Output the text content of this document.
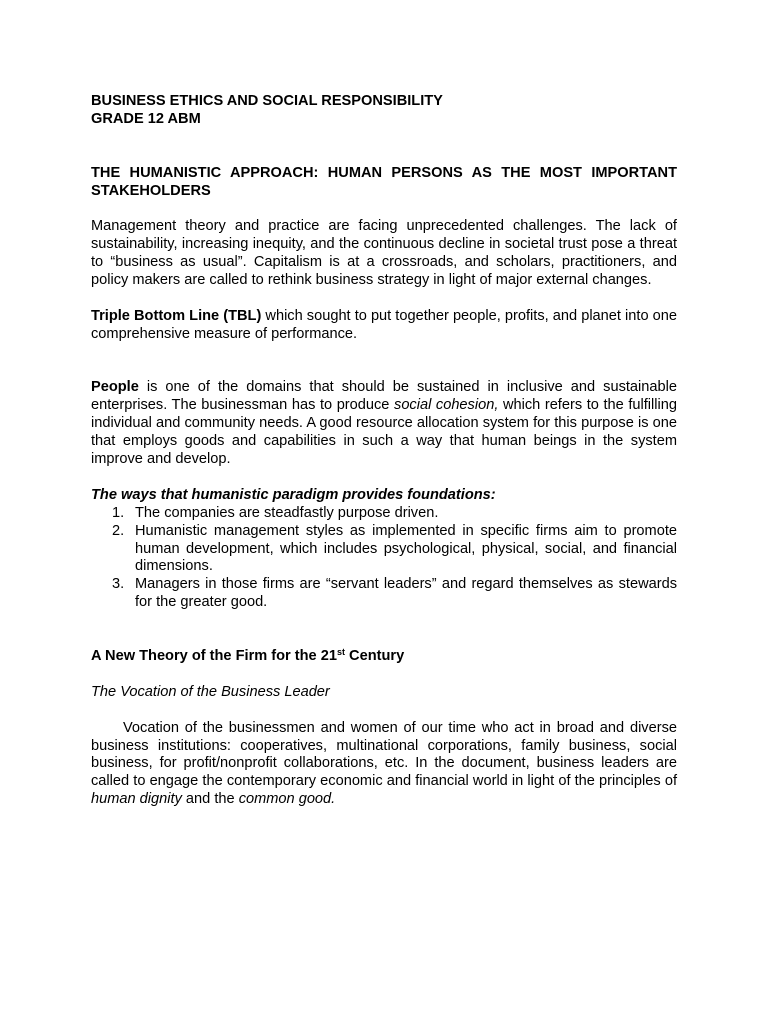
BUSINESS ETHICS AND SOCIAL RESPONSIBILITY
GRADE 12 ABM
THE HUMANISTIC APPROACH: HUMAN PERSONS AS THE MOST IMPORTANT STAKEHOLDERS

Management theory and practice are facing unprecedented challenges. The lack of sustainability, increasing inequity, and the continuous decline in societal trust pose a threat to “business as usual”. Capitalism is at a crossroads, and scholars, practitioners, and policy makers are called to rethink business strategy in light of major external changes.

Triple Bottom Line (TBL) which sought to put together people, profits, and planet into one comprehensive measure of performance.

People is one of the domains that should be sustained in inclusive and sustainable enterprises. The businessman has to produce social cohesion, which refers to the fulfilling individual and community needs. A good resource allocation system for this purpose is one that employs goods and capabilities in such a way that human beings in the system improve and develop.

The ways that humanistic paradigm provides foundations:

The companies are steadfastly purpose driven.
Humanistic management styles as implemented in specific firms aim to promote human development, which includes psychological, physical, social, and financial dimensions.
Managers in those firms are “servant leaders” and regard themselves as stewards for the greater good.

A New Theory of the Firm for the 21st Century

The Vocation of the Business Leader

Vocation of the businessmen and women of our time who act in broad and diverse business institutions: cooperatives, multinational corporations, family business, social business, for profit/nonprofit collaborations, etc. In the document, business leaders are called to engage the contemporary economic and financial world in light of the principles of human dignity and the common good.
